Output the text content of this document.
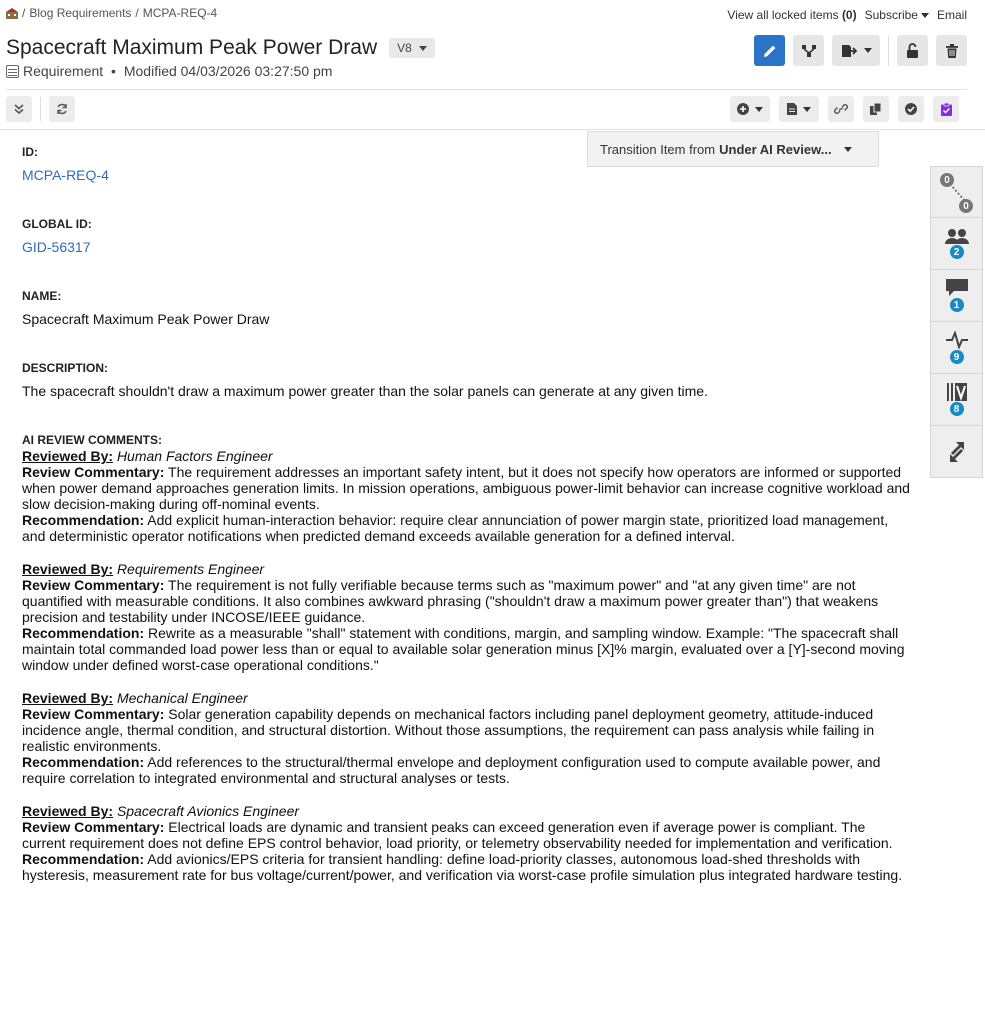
/ Blog Requirements / MCPA-REQ-4	View all locked items (0) Subscribe	Email
Spacecraft Maximum Peak Power Draw V8
Requirement • Modified 04/03/2026 03:27:50 pm
Transition Item from Under AI Review...
0
0
2
1
9
8
ID:
MCPA-REQ-4
GLOBAL ID:
GID-56317
NAME:
Spacecraft Maximum Peak Power Draw
DESCRIPTION:
The spacecraft shouldn't draw a maximum power greater than the solar panels can generate at any given time.
AI REVIEW COMMENTS:

Reviewed By: Human Factors Engineer

Review Commentary: The requirement addresses an important safety intent, but it does not specify how operators are informed or supported when power demand approaches generation limits. In mission operations, ambiguous power-limit behavior can increase cognitive workload and slow decision-making during off-nominal events.

Recommendation: Add explicit human-interaction behavior: require clear annunciation of power margin state, prioritized load management, and deterministic operator notifications when predicted demand exceeds available generation for a defined interval.

Reviewed By: Requirements Engineer

Review Commentary: The requirement is not fully verifiable because terms such as "maximum power" and "at any given time" are not quantified with measurable conditions. It also combines awkward phrasing ("shouldn't draw a maximum power greater than") that weakens precision and testability under INCOSE/IEEE guidance.

Recommendation: Rewrite as a measurable "shall" statement with conditions, margin, and sampling window. Example: "The spacecraft shall maintain total commanded load power less than or equal to available solar generation minus [X]% margin, evaluated over a [Y]-second moving window under defined worst-case operational conditions."

Reviewed By: Mechanical Engineer

Review Commentary: Solar generation capability depends on mechanical factors including panel deployment geometry, attitude-induced incidence angle, thermal condition, and structural distortion. Without those assumptions, the requirement can pass analysis while failing in realistic environments.

Recommendation: Add references to the structural/thermal envelope and deployment configuration used to compute available power, and require correlation to integrated environmental and structural analyses or tests.

Reviewed By: Spacecraft Avionics Engineer

Review Commentary: Electrical loads are dynamic and transient peaks can exceed generation even if average power is compliant. The current requirement does not define EPS control behavior, load priority, or telemetry observability needed for implementation and verification.

Recommendation: Add avionics/EPS criteria for transient handling: define load-priority classes, autonomous load-shed thresholds with hysteresis, measurement rate for bus voltage/current/power, and verification via worst-case profile simulation plus integrated hardware testing.
